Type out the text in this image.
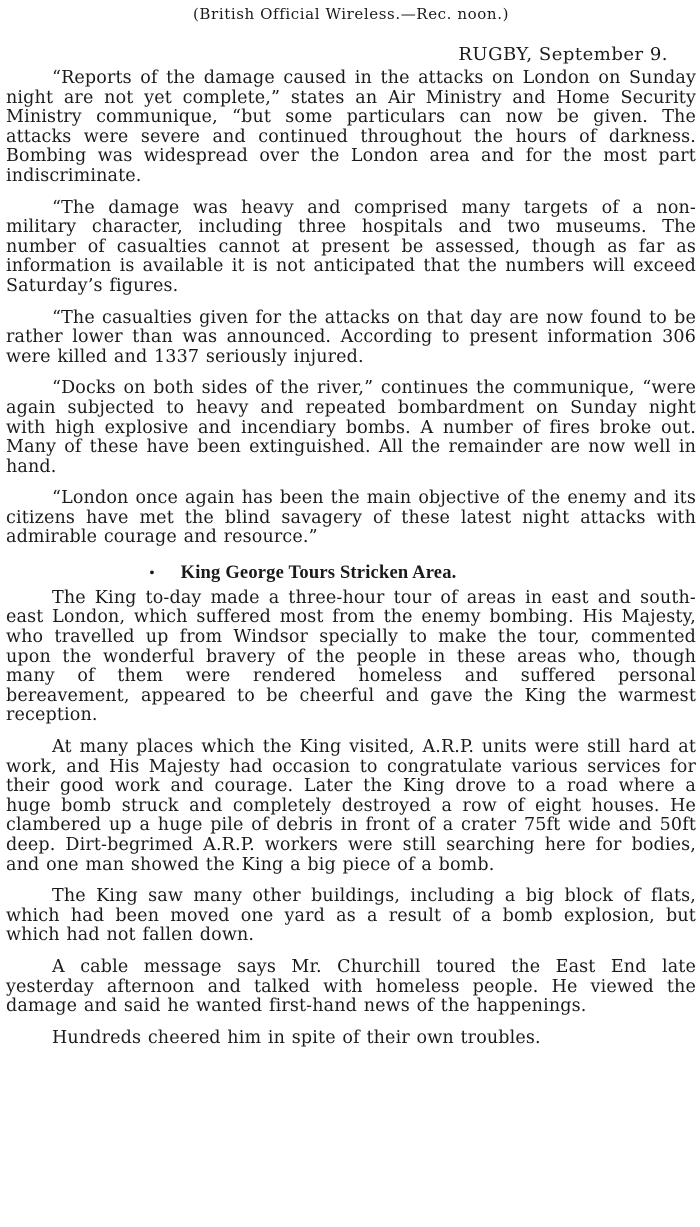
(British Official Wireless.—Rec. noon.)

RUGBY, September 9.

“Reports of the damage caused in the attacks on London on Sunday night are not yet complete,” states an Air Ministry and Home Security Ministry communique, “but some particulars can now be given. The attacks were severe and continued throughout the hours of darkness. Bombing was widespread over the London area and for the most part indiscriminate.

“The damage was heavy and comprised many targets of a non-military character, including three hospitals and two museums. The number of casualties cannot at present be assessed, though as far as information is available it is not anticipated that the numbers will exceed Saturday’s figures.

“The casualties given for the attacks on that day are now found to be rather lower than was announced. According to present information 306 were killed and 1337 seriously injured.

“Docks on both sides of the river,” continues the communique, “were again subjected to heavy and repeated bombardment on Sunday night with high explosive and incendiary bombs. A number of fires broke out. Many of these have been extinguished. All the remainder are now well in hand.

“London once again has been the main objective of the enemy and its citizens have met the blind savagery of these latest night attacks with admirable courage and resource.”

• King George Tours Stricken Area.

The King to-day made a three-hour tour of areas in east and south-east London, which suffered most from the enemy bombing. His Majesty, who travelled up from Windsor specially to make the tour, commented upon the wonderful bravery of the people in these areas who, though many of them were rendered homeless and suffered personal bereavement, appeared to be cheerful and gave the King the warmest reception.

At many places which the King visited, A.R.P. units were still hard at work, and His Majesty had occasion to congratulate various services for their good work and courage. Later the King drove to a road where a huge bomb struck and completely destroyed a row of eight houses. He clambered up a huge pile of debris in front of a crater 75ft wide and 50ft deep. Dirt-begrimed A.R.P. workers were still searching here for bodies, and one man showed the King a big piece of a bomb.

The King saw many other buildings, including a big block of flats, which had been moved one yard as a result of a bomb explosion, but which had not fallen down.

A cable message says Mr. Churchill toured the East End late yesterday afternoon and talked with homeless people. He viewed the damage and said he wanted first-hand news of the happenings.

Hundreds cheered him in spite of their own troubles.
